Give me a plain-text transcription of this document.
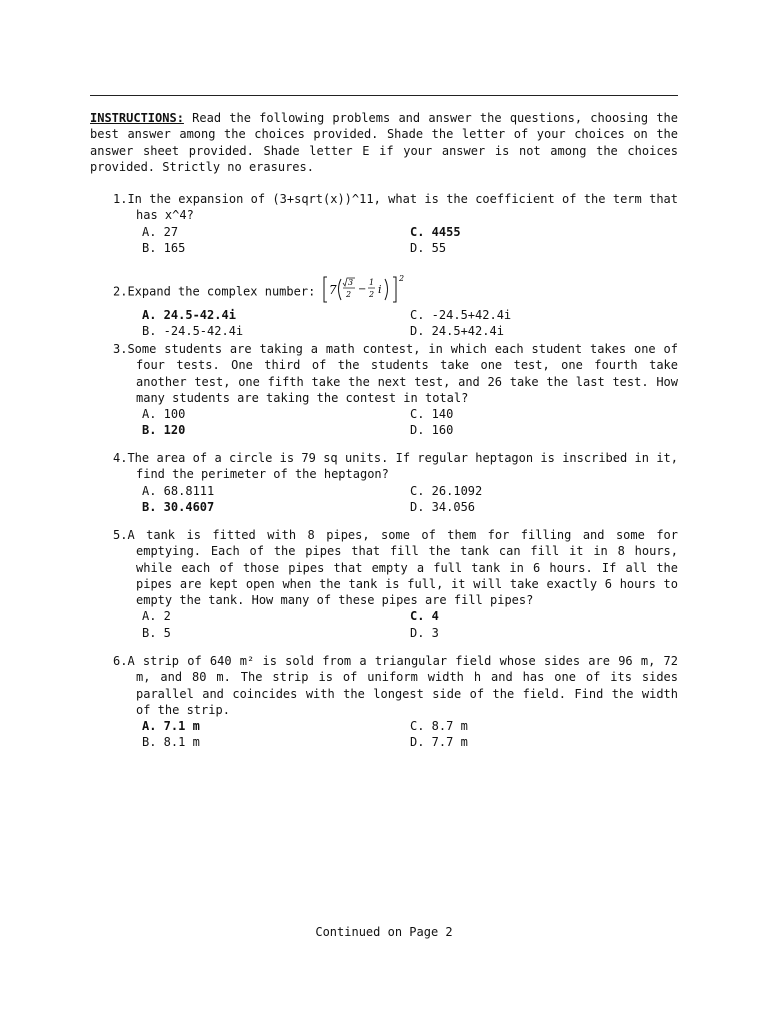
INSTRUCTIONS: Read the following problems and answer the questions, choosing the best answer among the choices provided. Shade the letter of your choices on the answer sheet provided. Shade letter E if your answer is not among the choices provided. Strictly no erasures.
1.In the expansion of (3+sqrt(x))^11, what is the coefficient of the term that has x^4?
A. 27	C. 4455
B. 165	D. 55
2.Expand the complex number: 7
3
2 −
1
2 i
2
A. 24.5-42.4i	C. -24.5+42.4i
B. -24.5-42.4i	D. 24.5+42.4i
3.Some students are taking a math contest, in which each student takes one of four tests. One third of the students take one test, one fourth take another test, one fifth take the next test, and 26 take the last test. How many students are taking the contest in total?
A. 100	C. 140
B. 120	D. 160
4.The area of a circle is 79 sq units. If regular heptagon is inscribed in it, find the perimeter of the heptagon?
A. 68.8111	C. 26.1092
B. 30.4607	D. 34.056
5.A tank is fitted with 8 pipes, some of them for filling and some for emptying. Each of the pipes that fill the tank can fill it in 8 hours, while each of those pipes that empty a full tank in 6 hours. If all the pipes are kept open when the tank is full, it will take exactly 6 hours to empty the tank. How many of these pipes are fill pipes?
A. 2	C. 4
B. 5	D. 3
6.A strip of 640 m² is sold from a triangular field whose sides are 96 m, 72 m, and 80 m. The strip is of uniform width h and has one of its sides parallel and coincides with the longest side of the field. Find the width of the strip.
A. 7.1 m	C. 8.7 m
B. 8.1 m	D. 7.7 m
Continued on Page 2
